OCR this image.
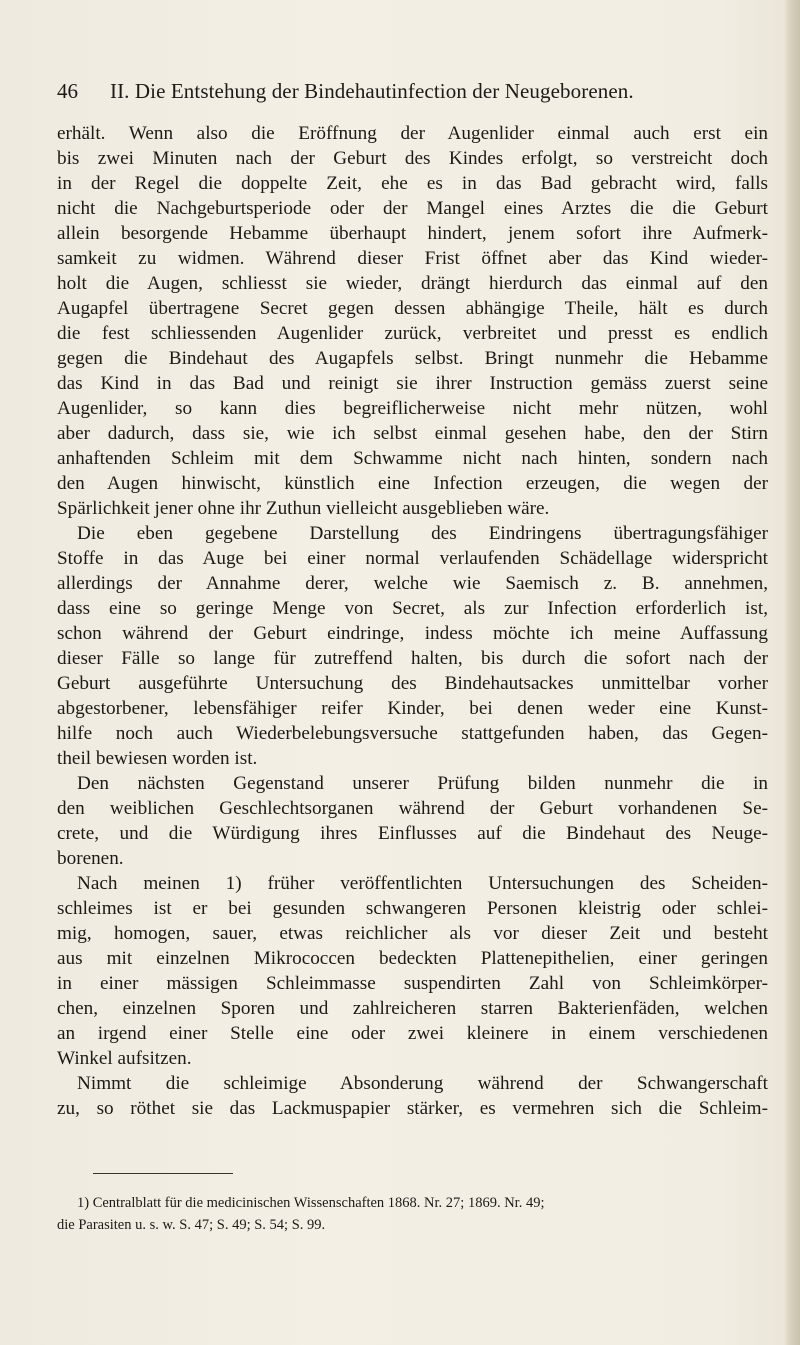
46 II. Die Entstehung der Bindehautinfection der Neugeborenen.
erhält. Wenn also die Eröffnung der Augenlider einmal auch erst ein
bis zwei Minuten nach der Geburt des Kindes erfolgt, so verstreicht doch
in der Regel die doppelte Zeit, ehe es in das Bad gebracht wird, falls
nicht die Nachgeburtsperiode oder der Mangel eines Arztes die die Geburt
allein besorgende Hebamme überhaupt hindert, jenem sofort ihre Aufmerk-
samkeit zu widmen. Während dieser Frist öffnet aber das Kind wieder-
holt die Augen, schliesst sie wieder, drängt hierdurch das einmal auf den
Augapfel übertragene Secret gegen dessen abhängige Theile, hält es durch
die fest schliessenden Augenlider zurück, verbreitet und presst es endlich
gegen die Bindehaut des Augapfels selbst. Bringt nunmehr die Hebamme
das Kind in das Bad und reinigt sie ihrer Instruction gemäss zuerst seine
Augenlider, so kann dies begreiflicherweise nicht mehr nützen, wohl
aber dadurch, dass sie, wie ich selbst einmal gesehen habe, den der Stirn
anhaftenden Schleim mit dem Schwamme nicht nach hinten, sondern nach
den Augen hinwischt, künstlich eine Infection erzeugen, die wegen der
Spärlichkeit jener ohne ihr Zuthun vielleicht ausgeblieben wäre.
Die eben gegebene Darstellung des Eindringens übertragungsfähiger
Stoffe in das Auge bei einer normal verlaufenden Schädellage widerspricht
allerdings der Annahme derer, welche wie Saemisch z. B. annehmen,
dass eine so geringe Menge von Secret, als zur Infection erforderlich ist,
schon während der Geburt eindringe, indess möchte ich meine Auffassung
dieser Fälle so lange für zutreffend halten, bis durch die sofort nach der
Geburt ausgeführte Untersuchung des Bindehautsackes unmittelbar vorher
abgestorbener, lebensfähiger reifer Kinder, bei denen weder eine Kunst-
hilfe noch auch Wiederbelebungsversuche stattgefunden haben, das Gegen-
theil bewiesen worden ist.
Den nächsten Gegenstand unserer Prüfung bilden nunmehr die in
den weiblichen Geschlechtsorganen während der Geburt vorhandenen Se-
crete, und die Würdigung ihres Einflusses auf die Bindehaut des Neuge-
borenen.
Nach meinen 1) früher veröffentlichten Untersuchungen des Scheiden-
schleimes ist er bei gesunden schwangeren Personen kleistrig oder schlei-
mig, homogen, sauer, etwas reichlicher als vor dieser Zeit und besteht
aus mit einzelnen Mikrococcen bedeckten Plattenepithelien, einer geringen
in einer mässigen Schleimmasse suspendirten Zahl von Schleimkörper-
chen, einzelnen Sporen und zahlreicheren starren Bakterienfäden, welchen
an irgend einer Stelle eine oder zwei kleinere in einem verschiedenen
Winkel aufsitzen.
Nimmt die schleimige Absonderung während der Schwangerschaft
zu, so röthet sie das Lackmuspapier stärker, es vermehren sich die Schleim-
1) Centralblatt für die medicinischen Wissenschaften 1868. Nr. 27; 1869. Nr. 49;
die Parasiten u. s. w. S. 47; S. 49; S. 54; S. 99.
